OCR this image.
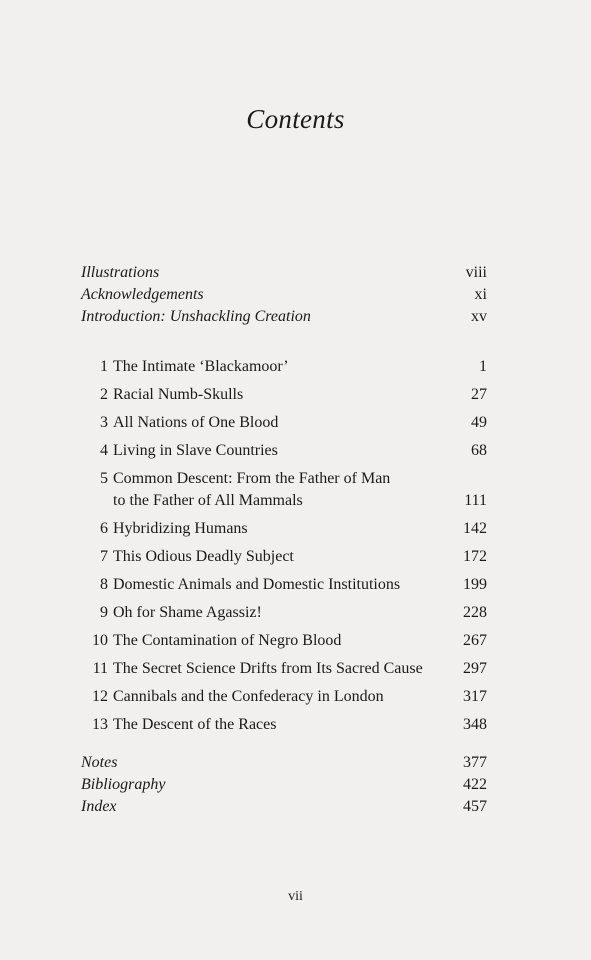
Contents
Illustrations	viii
Acknowledgements	xi
Introduction: Unshackling Creation	xv
1 The Intimate ‘Blackamoor’	1
2 Racial Numb-Skulls	27
3 All Nations of One Blood	49
4 Living in Slave Countries	68
5 Common Descent: From the Father of Man
to the Father of All Mammals	111
6 Hybridizing Humans	142
7 This Odious Deadly Subject	172
8 Domestic Animals and Domestic Institutions	199
9 Oh for Shame Agassiz!	228
10 The Contamination of Negro Blood	267
11 The Secret Science Drifts from Its Sacred Cause	297
12 Cannibals and the Confederacy in London	317
13 The Descent of the Races	348
Notes	377
Bibliography	422
Index	457
vii
